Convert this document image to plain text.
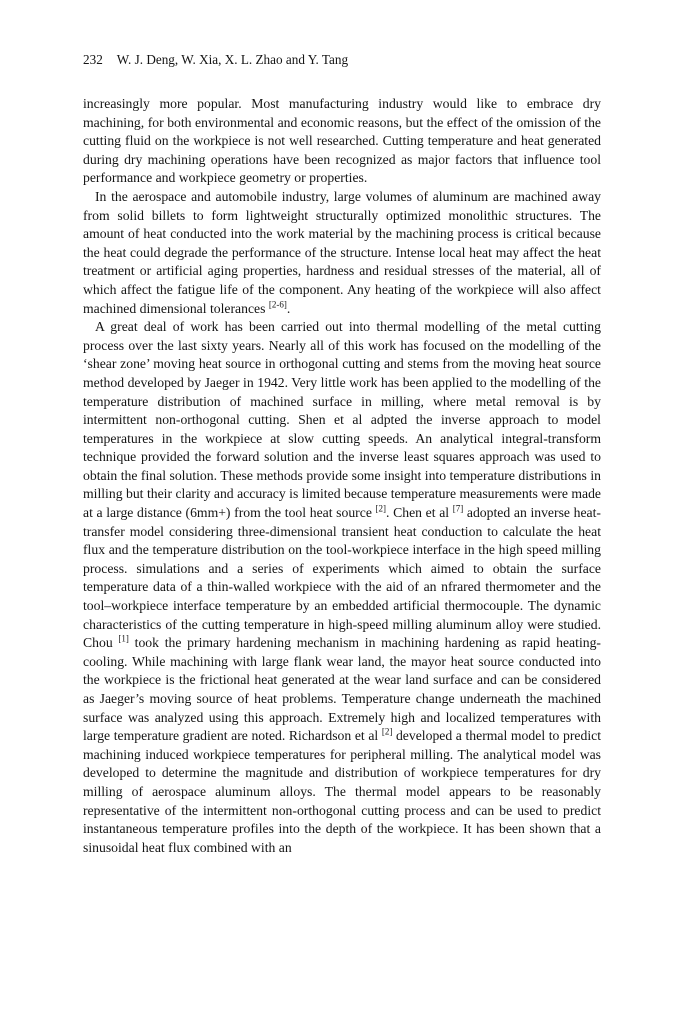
232 W. J. Deng, W. Xia, X. L. Zhao and Y. Tang

increasingly more popular. Most manufacturing industry would like to embrace dry machining, for both environmental and economic reasons, but the effect of the omission of the cutting fluid on the workpiece is not well researched. Cutting temperature and heat generated during dry machining operations have been recognized as major factors that influence tool performance and workpiece geometry or properties.

In the aerospace and automobile industry, large volumes of aluminum are machined away from solid billets to form lightweight structurally optimized monolithic structures. The amount of heat conducted into the work material by the machining process is critical because the heat could degrade the performance of the structure. Intense local heat may affect the heat treatment or artificial aging properties, hardness and residual stresses of the material, all of which affect the fatigue life of the component. Any heating of the workpiece will also affect machined dimensional tolerances [2-6].

A great deal of work has been carried out into thermal modelling of the metal cutting process over the last sixty years. Nearly all of this work has focused on the modelling of the ‘shear zone’ moving heat source in orthogonal cutting and stems from the moving heat source method developed by Jaeger in 1942. Very little work has been applied to the modelling of the temperature distribution of machined surface in milling, where metal removal is by intermittent non-orthogonal cutting. Shen et al adpted the inverse approach to model temperatures in the workpiece at slow cutting speeds. An analytical integral-transform technique provided the forward solution and the inverse least squares approach was used to obtain the final solution. These methods provide some insight into temperature distributions in milling but their clarity and accuracy is limited because temperature measurements were made at a large distance (6mm+) from the tool heat source [2]. Chen et al [7] adopted an inverse heat-transfer model considering three-dimensional transient heat conduction to calculate the heat flux and the temperature distribution on the tool-workpiece interface in the high speed milling process. simulations and a series of experiments which aimed to obtain the surface temperature data of a thin-walled workpiece with the aid of an nfrared thermometer and the tool–workpiece interface temperature by an embedded artificial thermocouple. The dynamic characteristics of the cutting temperature in high-speed milling aluminum alloy were studied. Chou [1] took the primary hardening mechanism in machining hardening as rapid heating-cooling. While machining with large flank wear land, the mayor heat source conducted into the workpiece is the frictional heat generated at the wear land surface and can be considered as Jaeger’s moving source of heat problems. Temperature change underneath the machined surface was analyzed using this approach. Extremely high and localized temperatures with large temperature gradient are noted. Richardson et al [2] developed a thermal model to predict machining induced workpiece temperatures for peripheral milling. The analytical model was developed to determine the magnitude and distribution of workpiece temperatures for dry milling of aerospace aluminum alloys. The thermal model appears to be reasonably representative of the intermittent non-orthogonal cutting process and can be used to predict instantaneous temperature profiles into the depth of the workpiece. It has been shown that a sinusoidal heat flux combined with an
